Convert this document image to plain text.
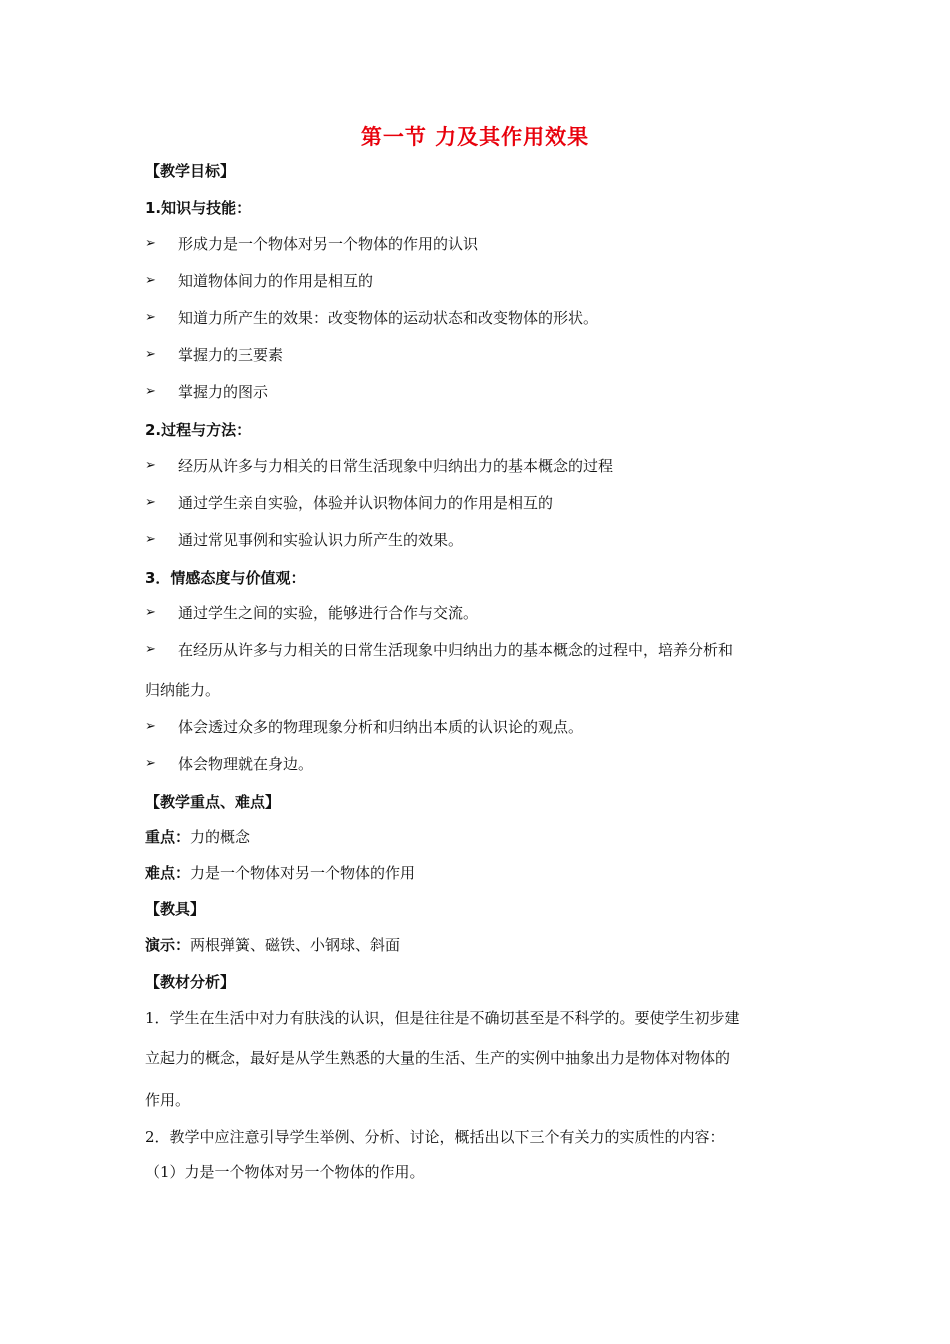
第一节 力及其作用效果
【教学目标】
1.知识与技能：
➢ 形成力是一个物体对另一个物体的作用的认识
➢ 知道物体间力的作用是相互的
➢ 知道力所产生的效果：改变物体的运动状态和改变物体的形状。
➢ 掌握力的三要素
➢ 掌握力的图示
2.过程与方法：
➢ 经历从许多与力相关的日常生活现象中归纳出力的基本概念的过程
➢ 通过学生亲自实验，体验并认识物体间力的作用是相互的
➢ 通过常见事例和实验认识力所产生的效果。
3．情感态度与价值观：
➢ 通过学生之间的实验，能够进行合作与交流。
➢ 在经历从许多与力相关的日常生活现象中归纳出力的基本概念的过程中，培养分析和
归纳能力。
➢ 体会透过众多的物理现象分析和归纳出本质的认识论的观点。
➢ 体会物理就在身边。
【教学重点、难点】
重点：力的概念
难点：力是一个物体对另一个物体的作用
【教具】
演示：两根弹簧、磁铁、小钢球、斜面
【教材分析】
1．学生在生活中对力有肤浅的认识，但是往往是不确切甚至是不科学的。要使学生初步建
立起力的概念，最好是从学生熟悉的大量的生活、生产的实例中抽象出力是物体对物体的
作用。
2．教学中应注意引导学生举例、分析、讨论，概括出以下三个有关力的实质性的内容：
（1）力是一个物体对另一个物体的作用。
